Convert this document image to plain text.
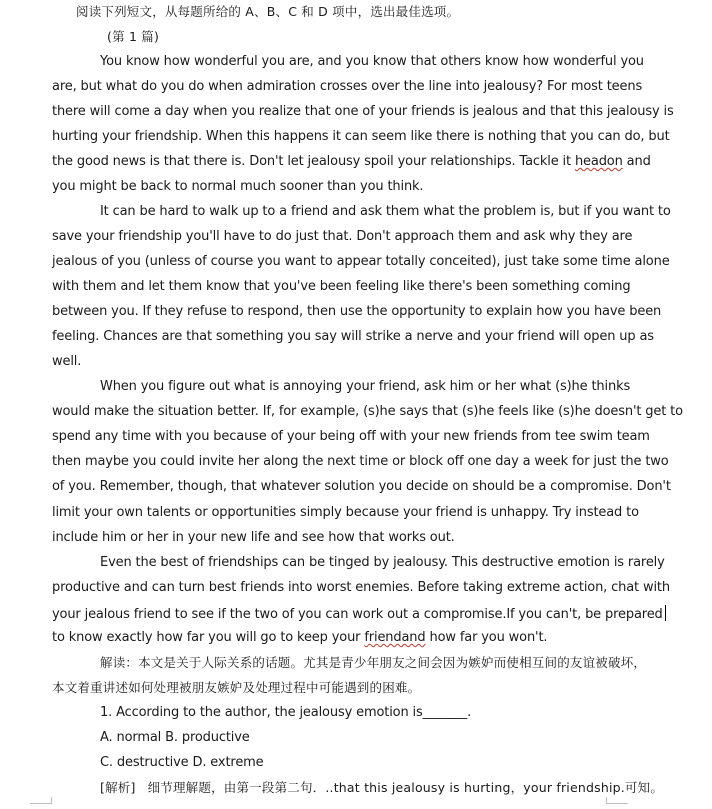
阅读下列短文，从每题所给的 A、B、C 和 D 项中，选出最佳选项。
(第 1 篇)
You know how wonderful you are, and you know that others know how wonderful you
are, but what do you do when admiration crosses over the line into jealousy? For most teens
there will come a day when you realize that one of your friends is jealous and that this jealousy is
hurting your friendship. When this happens it can seem like there is nothing that you can do, but
the good news is that there is. Don't let jealousy spoil your relationships. Tackle it headon and
you might be back to normal much sooner than you think.
It can be hard to walk up to a friend and ask them what the problem is, but if you want to
save your friendship you'll have to do just that. Don't approach them and ask why they are
jealous of you (unless of course you want to appear totally conceited), just take some time alone
with them and let them know that you've been feeling like there's been something coming
between you. If they refuse to respond, then use the opportunity to explain how you have been
feeling. Chances are that something you say will strike a nerve and your friend will open up as
well.
When you figure out what is annoying your friend, ask him or her what (s)he thinks
would make the situation better. If, for example, (s)he says that (s)he feels like (s)he doesn't get to
spend any time with you because of your being off with your new friends from tee swim team
then maybe you could invite her along the next time or block off one day a week for just the two
of you. Remember, though, that whatever solution you decide on should be a compromise. Don't
limit your own talents or opportunities simply because your friend is unhappy. Try instead to
include him or her in your new life and see how that works out.
Even the best of friendships can be tinged by jealousy. This destructive emotion is rarely
productive and can turn best friends into worst enemies. Before taking extreme action, chat with
your jealous friend to see if the two of you can work out a compromise.If you can't, be prepared
to know exactly how far you will go to keep your friendand how far you won't.
解读：本文是关于人际关系的话题。尤其是青少年朋友之间会因为嫉妒而使相互间的友谊被破坏，
本文着重讲述如何处理被朋友嫉妒及处理过程中可能遇到的困难。
1. According to the author, the jealousy emotion is_______.
A. normal B. productive
C. destructive D. extreme
[解析] 细节理解题，由第一段第二句．..that this jealousy is hurting，your friendship.可知。
